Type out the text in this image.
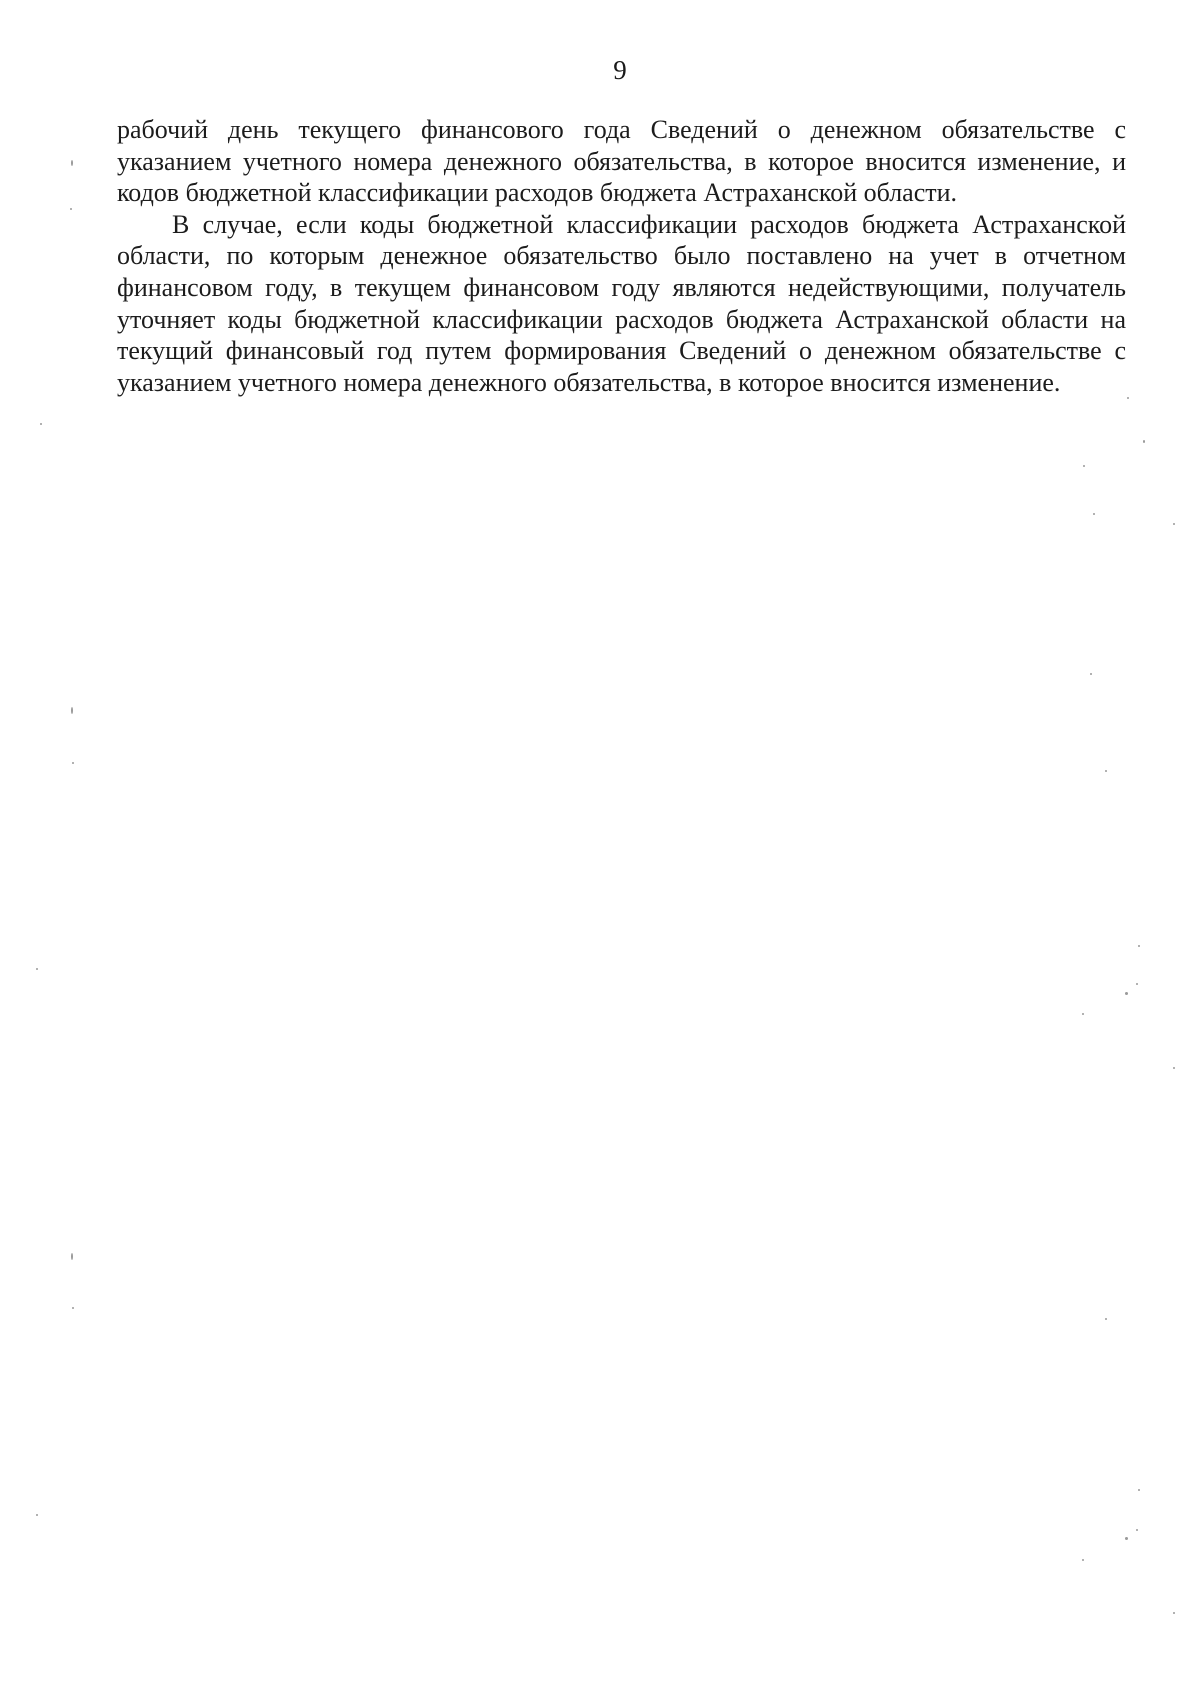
9

рабочий день текущего финансового года Сведений о денежном обязательстве с указанием учетного номера денежного обязательства, в которое вносится изменение, и кодов бюджетной классификации расходов бюджета Астраханской области.

В случае, если коды бюджетной классификации расходов бюджета Астраханской области, по которым денежное обязательство было поставлено на учет в отчетном финансовом году, в текущем финансовом году являются недействующими, получатель уточняет коды бюджетной классификации расходов бюджета Астраханской области на текущий финансовый год путем формирования Сведений о денежном обязательстве с указанием учетного номера денежного обязательства, в которое вносится изменение.
